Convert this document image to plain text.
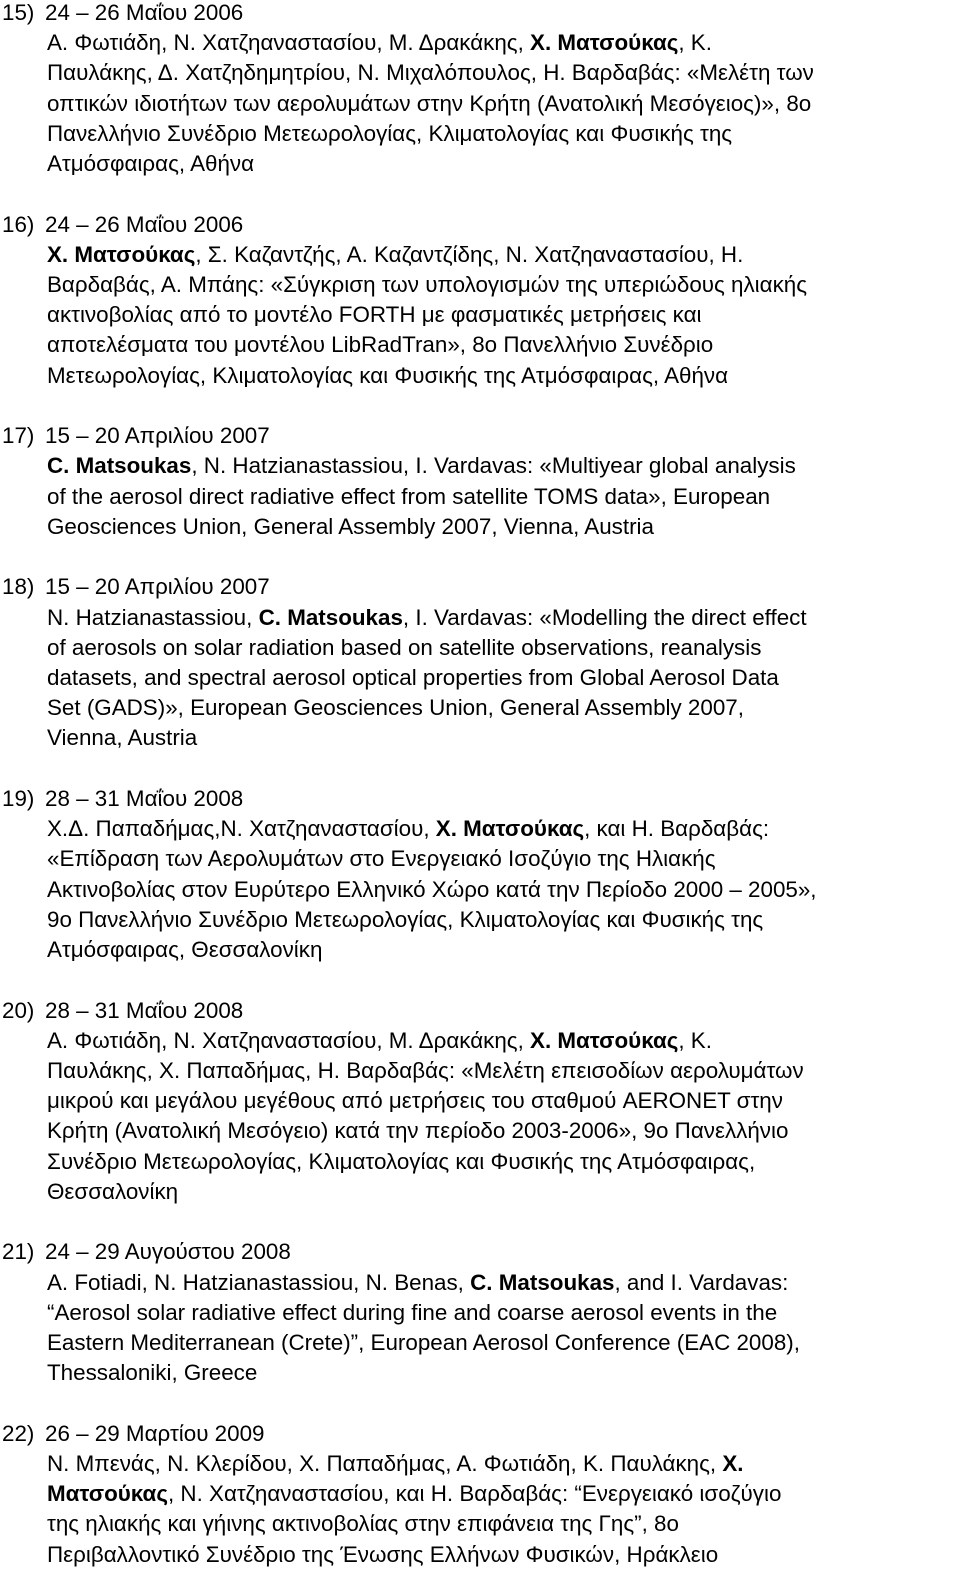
15) 24 – 26 Μαΐου 2006

Α. Φωτιάδη, Ν. Χατζηαναστασίου, Μ. Δρακάκης, Χ. Ματσούκας, Κ.

Παυλάκης, Δ. Χατζηδημητρίου, Ν. Μιχαλόπουλος, Η. Βαρδαβάς: «Μελέτη των

οπτικών ιδιοτήτων των αερολυμάτων στην Κρήτη (Ανατολική Μεσόγειος)», 8ο

Πανελλήνιο Συνέδριο Μετεωρολογίας, Κλιματολογίας και Φυσικής της

Ατμόσφαιρας, Αθήνα

16) 24 – 26 Μαΐου 2006

Χ. Ματσούκας, Σ. Καζαντζής, Α. Καζαντζίδης, Ν. Χατζηαναστασίου, Η.

Βαρδαβάς, Α. Μπάης: «Σύγκριση των υπολογισμών της υπεριώδους ηλιακής

ακτινοβολίας από το μοντέλο FORTH με φασματικές μετρήσεις και

αποτελέσματα του μοντέλου LibRadTran», 8ο Πανελλήνιο Συνέδριο

Μετεωρολογίας, Κλιματολογίας και Φυσικής της Ατμόσφαιρας, Αθήνα

17) 15 – 20 Απριλίου 2007

C. Matsoukas, N. Hatzianastassiou, I. Vardavas: «Multiyear global analysis

of the aerosol direct radiative effect from satellite TOMS data», European

Geosciences Union, General Assembly 2007, Vienna, Austria

18) 15 – 20 Απριλίου 2007

N. Hatzianastassiou, C. Matsoukas, I. Vardavas: «Modelling the direct effect

of aerosols on solar radiation based on satellite observations, reanalysis

datasets, and spectral aerosol optical properties from Global Aerosol Data

Set (GADS)», European Geosciences Union, General Assembly 2007,

Vienna, Austria

19) 28 – 31 Μαΐου 2008

Χ.Δ. Παπαδήμας,Ν. Χατζηαναστασίου, Χ. Ματσούκας, και Η. Βαρδαβάς:

«Επίδραση των Αερολυμάτων στο Ενεργειακό Ισοζύγιο της Ηλιακής

Ακτινοβολίας στον Ευρύτερο Ελληνικό Χώρο κατά την Περίοδο 2000 – 2005»,

9ο Πανελλήνιο Συνέδριο Μετεωρολογίας, Κλιματολογίας και Φυσικής της

Ατμόσφαιρας, Θεσσαλονίκη

20) 28 – 31 Μαΐου 2008

Α. Φωτιάδη, Ν. Χατζηαναστασίου, Μ. Δρακάκης, Χ. Ματσούκας, Κ.

Παυλάκης, Χ. Παπαδήμας, Η. Βαρδαβάς: «Μελέτη επεισοδίων αερολυμάτων

μικρού και μεγάλου μεγέθους από μετρήσεις του σταθμού AERONET στην

Κρήτη (Ανατολική Μεσόγειο) κατά την περίοδο 2003-2006», 9ο Πανελλήνιο

Συνέδριο Μετεωρολογίας, Κλιματολογίας και Φυσικής της Ατμόσφαιρας,

Θεσσαλονίκη

21) 24 – 29 Αυγούστου 2008

A. Fotiadi, N. Hatzianastassiou, N. Benas, C. Matsoukas, and I. Vardavas:

“Aerosol solar radiative effect during fine and coarse aerosol events in the

Eastern Mediterranean (Crete)”, European Aerosol Conference (EAC 2008),

Thessaloniki, Greece

22) 26 – 29 Μαρτίου 2009

Ν. Μπενάς, Ν. Κλερίδου, Χ. Παπαδήμας, Α. Φωτιάδη, Κ. Παυλάκης, Χ.

Ματσούκας, Ν. Χατζηαναστασίου, και Η. Βαρδαβάς: “Ενεργειακό ισοζύγιο

της ηλιακής και γήινης ακτινοβολίας στην επιφάνεια της Γης”, 8ο

Περιβαλλοντικό Συνέδριο της Ένωσης Ελλήνων Φυσικών, Ηράκλειο
